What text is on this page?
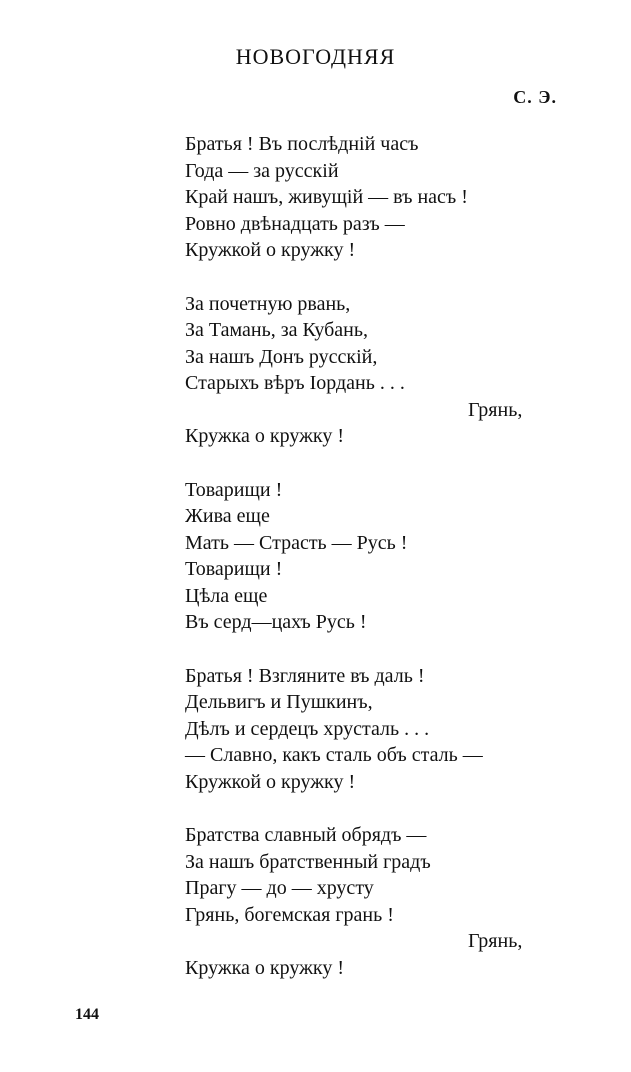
НОВОГОДНЯЯ
С. Э.
Братья ! Въ послѣдній часъ
Года — за русскій
Край нашъ, живущій — въ насъ !
Ровно двѣнадцать разъ —
Кружкой о кружку !
За почетную рвань,
За Тамань, за Кубань,
За нашъ Донъ русскій,
Старыхъ вѣръ Іордань . . .
Грянь,
Кружка о кружку !
Товарищи !
Жива еще
Мать — Страсть — Русь !
Товарищи !
Цѣла еще
Въ серд—цахъ Русь !
Братья ! Взгляните въ даль !
Дельвигъ и Пушкинъ,
Дѣлъ и сердецъ хрусталь . . .
— Славно, какъ сталь объ сталь —
Кружкой о кружку !
Братства славный обрядъ —
За нашъ братственный градъ
Прагу — до — хрусту
Грянь, богемская грань !
Грянь,
Кружка о кружку !
144
